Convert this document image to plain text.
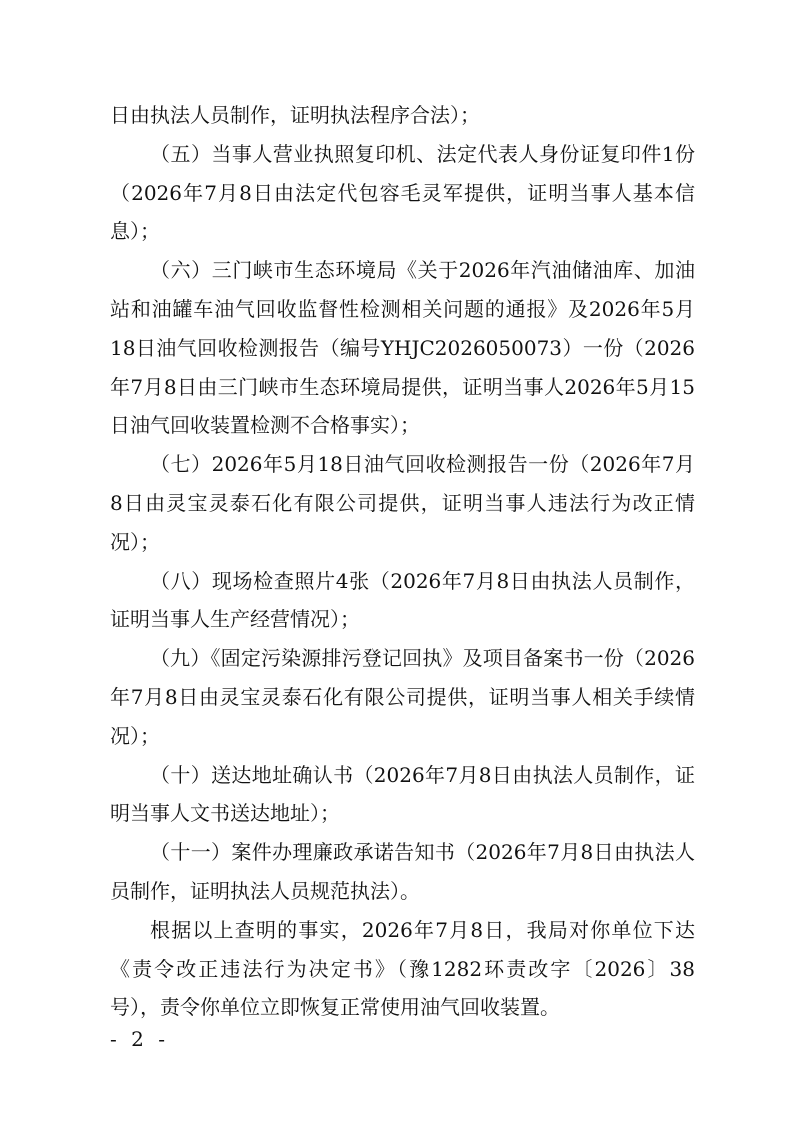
日由执法人员制作，证明执法程序合法）；

（五）当事人营业执照复印机、法定代表人身份证复印件1份（2026年7月8日由法定代包容毛灵军提供，证明当事人基本信息）；

（六）三门峡市生态环境局《关于2026年汽油储油库、加油站和油罐车油气回收监督性检测相关问题的通报》及2026年5月18日油气回收检测报告（编号YHJC2026050073）一份（2026年7月8日由三门峡市生态环境局提供，证明当事人2026年5月15日油气回收装置检测不合格事实）；

（七）2026年5月18日油气回收检测报告一份（2026年7月8日由灵宝灵泰石化有限公司提供，证明当事人违法行为改正情况）；

（八）现场检查照片4张（2026年7月8日由执法人员制作，证明当事人生产经营情况）；

（九）《固定污染源排污登记回执》及项目备案书一份（2026年7月8日由灵宝灵泰石化有限公司提供，证明当事人相关手续情况）；

（十）送达地址确认书（2026年7月8日由执法人员制作，证明当事人文书送达地址）；

（十一）案件办理廉政承诺告知书（2026年7月8日由执法人员制作，证明执法人员规范执法）。

根据以上查明的事实，2026年7月8日，我局对你单位下达《责令改正违法行为决定书》（豫1282环责改字〔2026〕38号），责令你单位立即恢复正常使用油气回收装置。

- 2 -
